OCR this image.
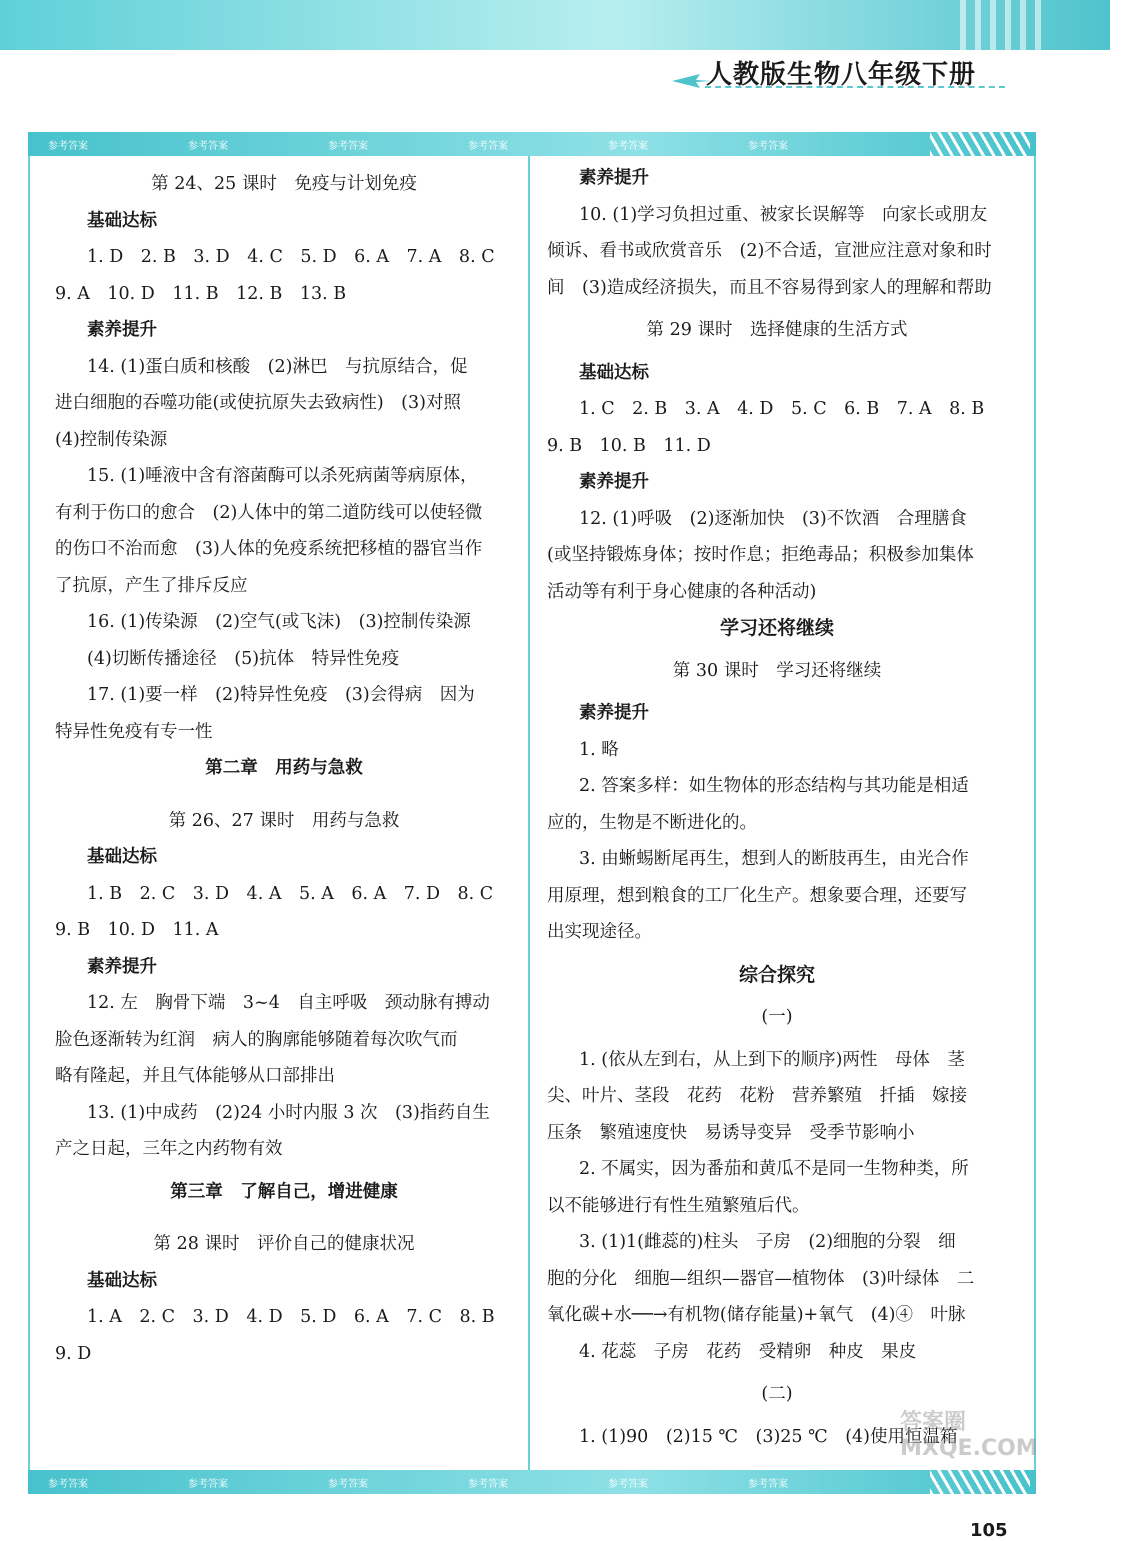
人教版生物八年级下册
参考答案	参考答案	参考答案	参考答案	参考答案	参考答案
参考答案	参考答案	参考答案	参考答案	参考答案	参考答案
第 24、25 课时　免疫与计划免疫
基础达标
1. D　2. B　3. D　4. C　5. D　6. A　7. A　8. C
9. A　10. D　11. B　12. B　13. B
素养提升
14. (1)蛋白质和核酸　(2)淋巴　与抗原结合，促
进白细胞的吞噬功能(或使抗原失去致病性)　(3)对照
(4)控制传染源
15. (1)唾液中含有溶菌酶可以杀死病菌等病原体，
有利于伤口的愈合　(2)人体中的第二道防线可以使轻微
的伤口不治而愈　(3)人体的免疫系统把移植的器官当作
了抗原，产生了排斥反应
16. (1)传染源　(2)空气(或飞沫)　(3)控制传染源
(4)切断传播途径　(5)抗体　特异性免疫
17. (1)要一样　(2)特异性免疫　(3)会得病　因为
特异性免疫有专一性
第二章　用药与急救
第 26、27 课时　用药与急救
基础达标
1. B　2. C　3. D　4. A　5. A　6. A　7. D　8. C
9. B　10. D　11. A
素养提升
12. 左　胸骨下端　3~4　自主呼吸　颈动脉有搏动
脸色逐渐转为红润　病人的胸廓能够随着每次吹气而
略有隆起，并且气体能够从口部排出
13. (1)中成药　(2)24 小时内服 3 次　(3)指药自生
产之日起，三年之内药物有效
第三章　了解自己，增进健康
第 28 课时　评价自己的健康状况
基础达标
1. A　2. C　3. D　4. D　5. D　6. A　7. C　8. B
9. D
素养提升
10. (1)学习负担过重、被家长误解等　向家长或朋友
倾诉、看书或欣赏音乐　(2)不合适，宣泄应注意对象和时
间　(3)造成经济损失，而且不容易得到家人的理解和帮助
第 29 课时　选择健康的生活方式
基础达标
1. C　2. B　3. A　4. D　5. C　6. B　7. A　8. B
9. B　10. B　11. D
素养提升
12. (1)呼吸　(2)逐渐加快　(3)不饮酒　合理膳食
(或坚持锻炼身体；按时作息；拒绝毒品；积极参加集体
活动等有利于身心健康的各种活动)
学习还将继续
第 30 课时　学习还将继续
素养提升
1. 略
2. 答案多样：如生物体的形态结构与其功能是相适
应的，生物是不断进化的。
3. 由蜥蜴断尾再生，想到人的断肢再生，由光合作
用原理，想到粮食的工厂化生产。想象要合理，还要写
出实现途径。
综合探究
(一)
1. (依从左到右，从上到下的顺序)两性　母体　茎
尖、叶片、茎段　花药　花粉　营养繁殖　扦插　嫁接
压条　繁殖速度快　易诱导变异　受季节影响小
2. 不属实，因为番茄和黄瓜不是同一生物种类，所
以不能够进行有性生殖繁殖后代。
3. (1)1(雌蕊的)柱头　子房　(2)细胞的分裂　细
胞的分化　细胞—组织—器官—植物体　(3)叶绿体　二
氧化碳+水──→有机物(储存能量)+氧气　(4)④　叶脉
4. 花蕊　子房　花药　受精卵　种皮　果皮
(二)
1. (1)90　(2)15 ℃　(3)25 ℃　(4)使用恒温箱
答案圈 MXQE.COM
105
